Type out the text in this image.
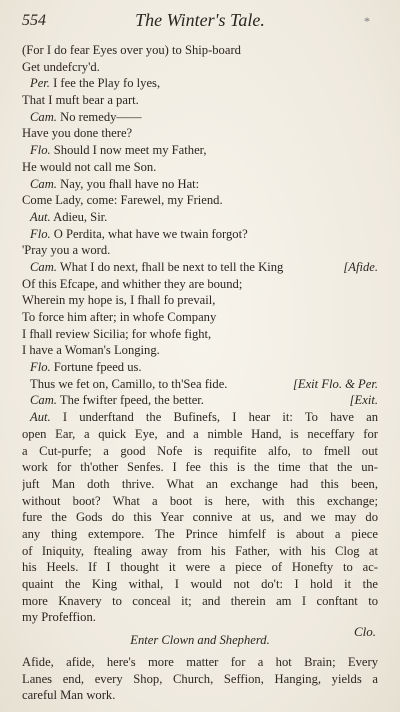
554	The Winter's Tale.	*
(For I do fear Eyes over you) to Ship-board
Get undefcry'd.
Per. I fee the Play fo lyes,
That I muft bear a part.
Cam. No remedy——
Have you done there?
Flo. Should I now meet my Father,
He would not call me Son.
Cam. Nay, you fhall have no Hat:
Come Lady, come: Farewel, my Friend.
Aut. Adieu, Sir.
Flo. O Perdita, what have we twain forgot?
'Pray you a word.
Cam. What I do next, fhall be next to tell the King	[Afide.
Of this Efcape, and whither they are bound;
Wherein my hope is, I fhall fo prevail,
To force him after; in whofe Company
I fhall review Sicilia; for whofe fight,
I have a Woman's Longing.
Flo. Fortune fpeed us.
Thus we fet on, Camillo, to th'Sea fide.	[Exit Flo. & Per.
Cam. The fwifter fpeed, the better.	[Exit.
Aut. I underftand the Bufinefs, I hear it: To have an
open Ear, a quick Eye, and a nimble Hand, is neceffary for
a Cut-purfe; a good Nofe is requifite alfo, to fmell out
work for th'other Senfes. I fee this is the time that the un-
juft Man doth thrive. What an exchange had this been,
without boot? What a boot is here, with this exchange;
fure the Gods do this Year connive at us, and we may do
any thing extempore. The Prince himfelf is about a piece
of Iniquity, ftealing away from his Father, with his Clog at
his Heels. If I thought it were a piece of Honefty to ac-
quaint the King withal, I would not do't: I hold it the
more Knavery to conceal it; and therein am I conftant to
my Profeffion.
Enter Clown and Shepherd.
Afide, afide, here's more matter for a hot Brain; Every
Lanes end, every Shop, Church, Seffion, Hanging, yields a
careful Man work.
Clo.
